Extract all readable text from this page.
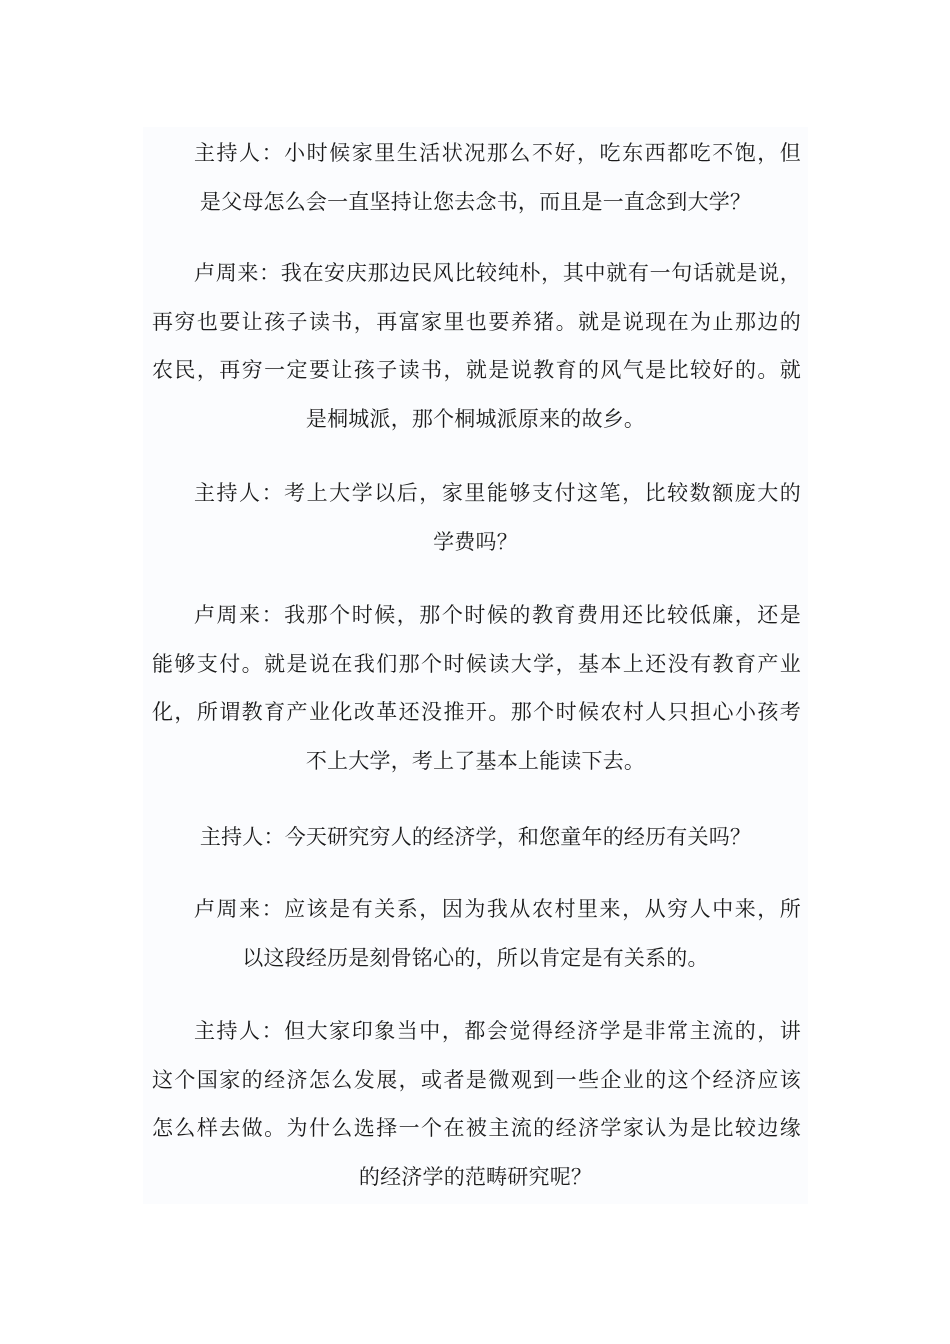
主持人：小时候家里生活状况那么不好，吃东西都吃不饱，但
是父母怎么会一直坚持让您去念书，而且是一直念到大学？
卢周来：我在安庆那边民风比较纯朴，其中就有一句话就是说，
再穷也要让孩子读书，再富家里也要养猪。就是说现在为止那边的
农民，再穷一定要让孩子读书，就是说教育的风气是比较好的。就
是桐城派，那个桐城派原来的故乡。
主持人：考上大学以后，家里能够支付这笔，比较数额庞大的
学费吗？
卢周来：我那个时候，那个时候的教育费用还比较低廉，还是
能够支付。就是说在我们那个时候读大学，基本上还没有教育产业
化，所谓教育产业化改革还没推开。那个时候农村人只担心小孩考
不上大学，考上了基本上能读下去。
主持人：今天研究穷人的经济学，和您童年的经历有关吗？
卢周来：应该是有关系，因为我从农村里来，从穷人中来，所
以这段经历是刻骨铭心的，所以肯定是有关系的。
主持人：但大家印象当中，都会觉得经济学是非常主流的，讲
这个国家的经济怎么发展，或者是微观到一些企业的这个经济应该
怎么样去做。为什么选择一个在被主流的经济学家认为是比较边缘
的经济学的范畴研究呢？
